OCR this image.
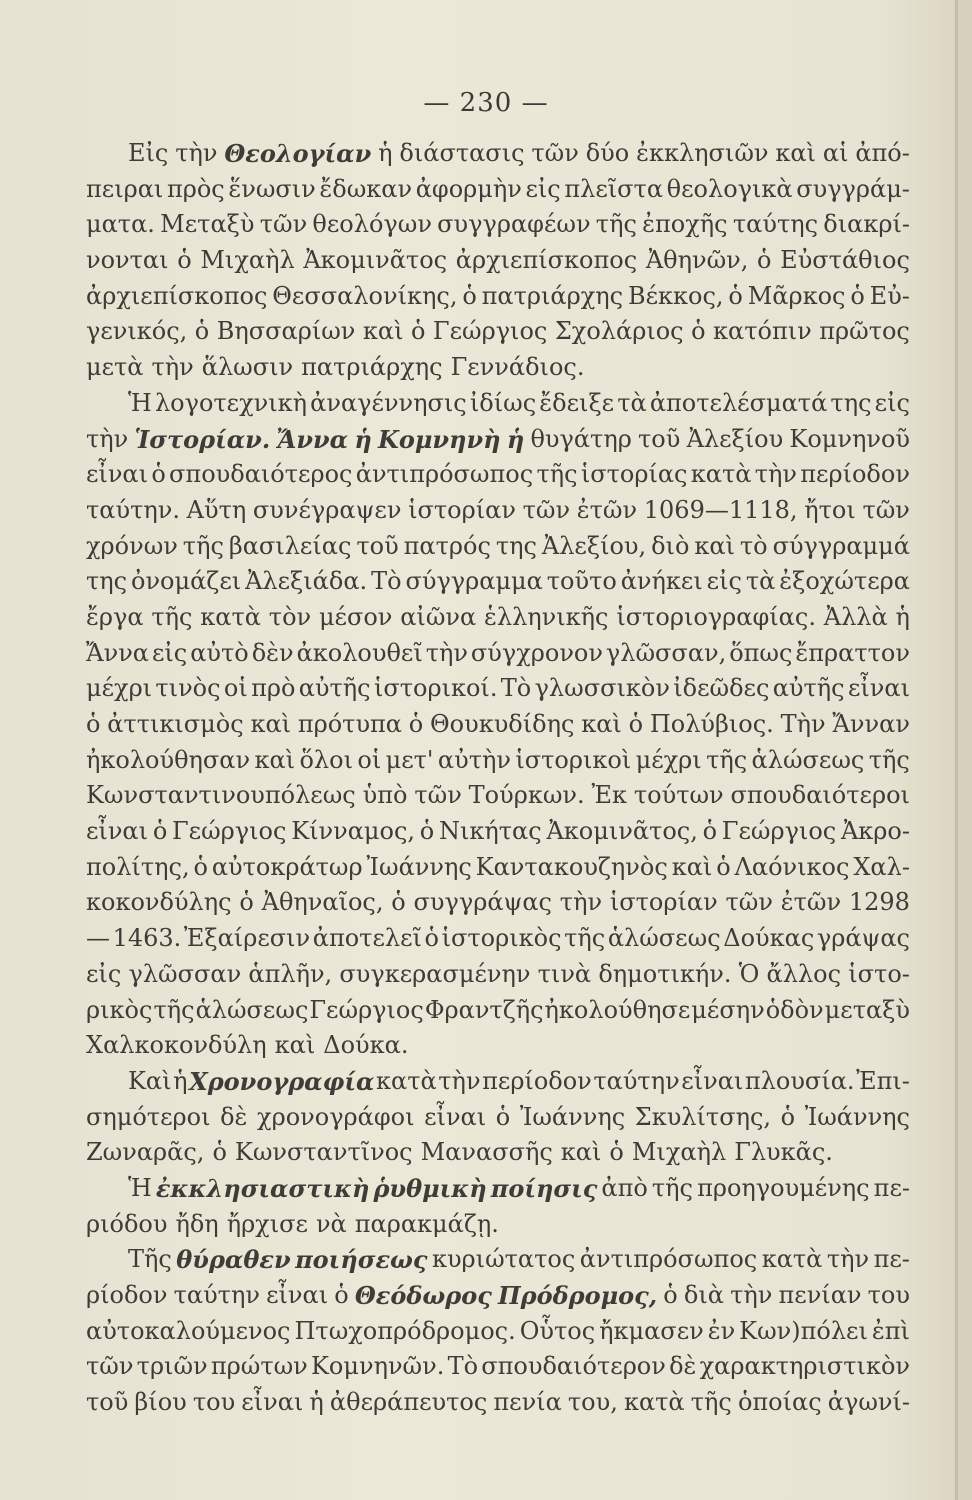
— 230 —
Εἰς τὴν Θεολογίαν ἡ διάστασις τῶν δύο ἐκκλησιῶν καὶ αἱ ἀπό-
πειραι πρὸς ἕνωσιν ἔδωκαν ἀφορμὴν εἰς πλεῖστα θεολογικὰ συγγράμ-
ματα. Μεταξὺ τῶν θεολόγων συγγραφέων τῆς ἐποχῆς ταύτης διακρί-
νονται ὁ Μιχαὴλ Ἀκομινᾶτος ἀρχιεπίσκοπος Ἀθηνῶν, ὁ Εὐστάθιος
ἀρχιεπίσκοπος Θεσσαλονίκης, ὁ πατριάρχης Βέκκος, ὁ Μᾶρκος ὁ Εὐ-
γενικός, ὁ Βησσαρίων καὶ ὁ Γεώργιος Σχολάριος ὁ κατόπιν πρῶτος
μετὰ τὴν ἅλωσιν πατριάρχης Γεννάδιος.
Ἡ λογοτεχνικὴ ἀναγέννησις ἰδίως ἔδειξε τὰ ἀποτελέσματά της εἰς
τὴν Ἱστορίαν. Ἄννα ἡ Κομνηνὴ ἡ θυγάτηρ τοῦ Ἀλεξίου Κομνηνοῦ
εἶναι ὁ σπουδαιότερος ἀντιπρόσωπος τῆς ἱστορίας κατὰ τὴν περίοδον
ταύτην. Αὕτη συνέγραψεν ἱστορίαν τῶν ἐτῶν 1069—1118, ἤτοι τῶν
χρόνων τῆς βασιλείας τοῦ πατρός της Ἀλεξίου, διὸ καὶ τὸ σύγγραμμά
της ὀνομάζει Ἀλεξιάδα. Τὸ σύγγραμμα τοῦτο ἀνήκει εἰς τὰ ἐξοχώτερα
ἔργα τῆς κατὰ τὸν μέσον αἰῶνα ἑλληνικῆς ἱστοριογραφίας. Ἀλλὰ ἡ
Ἄννα εἰς αὐτὸ δὲν ἀκολουθεῖ τὴν σύγχρονον γλῶσσαν, ὅπως ἔπραττον
μέχρι τινὸς οἱ πρὸ αὐτῆς ἱστορικοί. Τὸ γλωσσικὸν ἰδεῶδες αὐτῆς εἶναι
ὁ ἀττικισμὸς καὶ πρότυπα ὁ Θουκυδίδης καὶ ὁ Πολύβιος. Τὴν Ἄνναν
ἠκολούθησαν καὶ ὅλοι οἱ μετ' αὐτὴν ἱστορικοὶ μέχρι τῆς ἁλώσεως τῆς
Κωνσταντινουπόλεως ὑπὸ τῶν Τούρκων. Ἐκ τούτων σπουδαιότεροι
εἶναι ὁ Γεώργιος Κίνναμος, ὁ Νικήτας Ἀκομινᾶτος, ὁ Γεώργιος Ἀκρο-
πολίτης, ὁ αὐτοκράτωρ Ἰωάννης Καντακουζηνὸς καὶ ὁ Λαόνικος Χαλ-
κοκονδύλης ὁ Ἀθηναῖος, ὁ συγγράψας τὴν ἱστορίαν τῶν ἐτῶν 1298
— 1463. Ἐξαίρεσιν ἀποτελεῖ ὁ ἱστορικὸς τῆς ἁλώσεως Δούκας γράψας
εἰς γλῶσσαν ἁπλῆν, συγκερασμένην τινὰ δημοτικήν. Ὁ ἄλλος ἱστο-
ρικὸς τῆς ἁλώσεως Γεώργιος Φραντζῆς ἠκολούθησε μέσην ὁδὸν μεταξὺ
Χαλκοκονδύλη καὶ Δούκα.
Καὶ ἡ Χρονογραφία κατὰ τὴν περίοδον ταύτην εἶναι πλουσία. Ἐπι-
σημότεροι δὲ χρονογράφοι εἶναι ὁ Ἰωάννης Σκυλίτσης, ὁ Ἰωάννης
Ζωναρᾶς, ὁ Κωνσταντῖνος Μανασσῆς καὶ ὁ Μιχαὴλ Γλυκᾶς.
Ἡ ἐκκλησιαστικὴ ῥυθμικὴ ποίησις ἀπὸ τῆς προηγουμένης πε-
ριόδου ἤδη ἤρχισε νὰ παρακμάζῃ.
Τῆς θύραθεν ποιήσεως κυριώτατος ἀντιπρόσωπος κατὰ τὴν πε-
ρίοδον ταύτην εἶναι ὁ Θεόδωρος Πρόδρομος, ὁ διὰ τὴν πενίαν του
αὐτοκαλούμενος Πτωχοπρόδρομος. Οὗτος ἤκμασεν ἐν Κων)πόλει ἐπὶ
τῶν τριῶν πρώτων Κομνηνῶν. Τὸ σπουδαιότερον δὲ χαρακτηριστικὸν
τοῦ βίου του εἶναι ἡ ἀθεράπευτος πενία του, κατὰ τῆς ὁποίας ἀγωνί-
